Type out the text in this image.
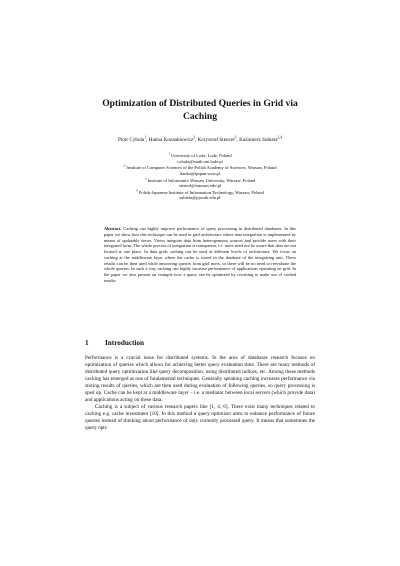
Optimization of Distributed Queries in Grid via
Caching
Piotr Cybula$^1$, Hanna Kozankiewicz$^2$, Krzysztof Stencel$^3$, Kazimierz Subieta$^{2,4}$
$^1$ University of Lodz, Lodz, Poland
cybula@math.uni.lodz.pl
$^2$ Institute of Computer Sciences of the Polish Academy of Sciences, Warsaw, Poland
hanka@ipipan.waw.pl
$^3$ Institute of Informatics Warsaw University, Warsaw, Poland
stencel@mimuw.edu.pl
$^4$ Polish-Japanese Institute of Information Technology, Warsaw, Poland
subieta@pjwstk.edu.pl
Abstract. Caching can highly improve performance of query processing in distributed databases. In this paper we show how this technique can be used in grid architecture where data integration is implemented by means of updatable views. Views integrate data from heterogeneous sources and provide users with their integrated form. The whole process of integration is transparent, i.e. users need not be aware that data are not located at one place. In data grids caching can be used at different levels of architecture. We focus on caching at the middleware layer where the cache is stored in the database of the integrating unit. These results can be then used while answering queries from grid users, so there will be no need to reevaluate the whole queries. In such a way caching can highly increase performance of applications operating on grid. In the paper we also present an example how a query can be optimized by rewriting to make use of cached results.
1 Introduction

Performance is a crucial issue for distributed systems. In the area of databases research focuses on optimization of queries which allows for achieving better query evaluation time. There are many methods of distributed query optimization like query decomposition, using distributed indices, etc. Among these methods caching has emerged as one of fundamental techniques. Generally speaking caching increases performance via storing results of queries, which are then used during evaluation of following queries, so query processing is sped up. Cache can be kept at a middleware layer – i.e. a mediator between local servers (which provide data) and applications acting on these data.

Caching is a subject of various research papers like [1, 4, 6]. There exist many techniques related to caching e.g. cache investment [10]. In this method a query optimizer aims to enhance performance of future queries instead of thinking about performance of only currently processed query. It means that sometimes the query opti-
